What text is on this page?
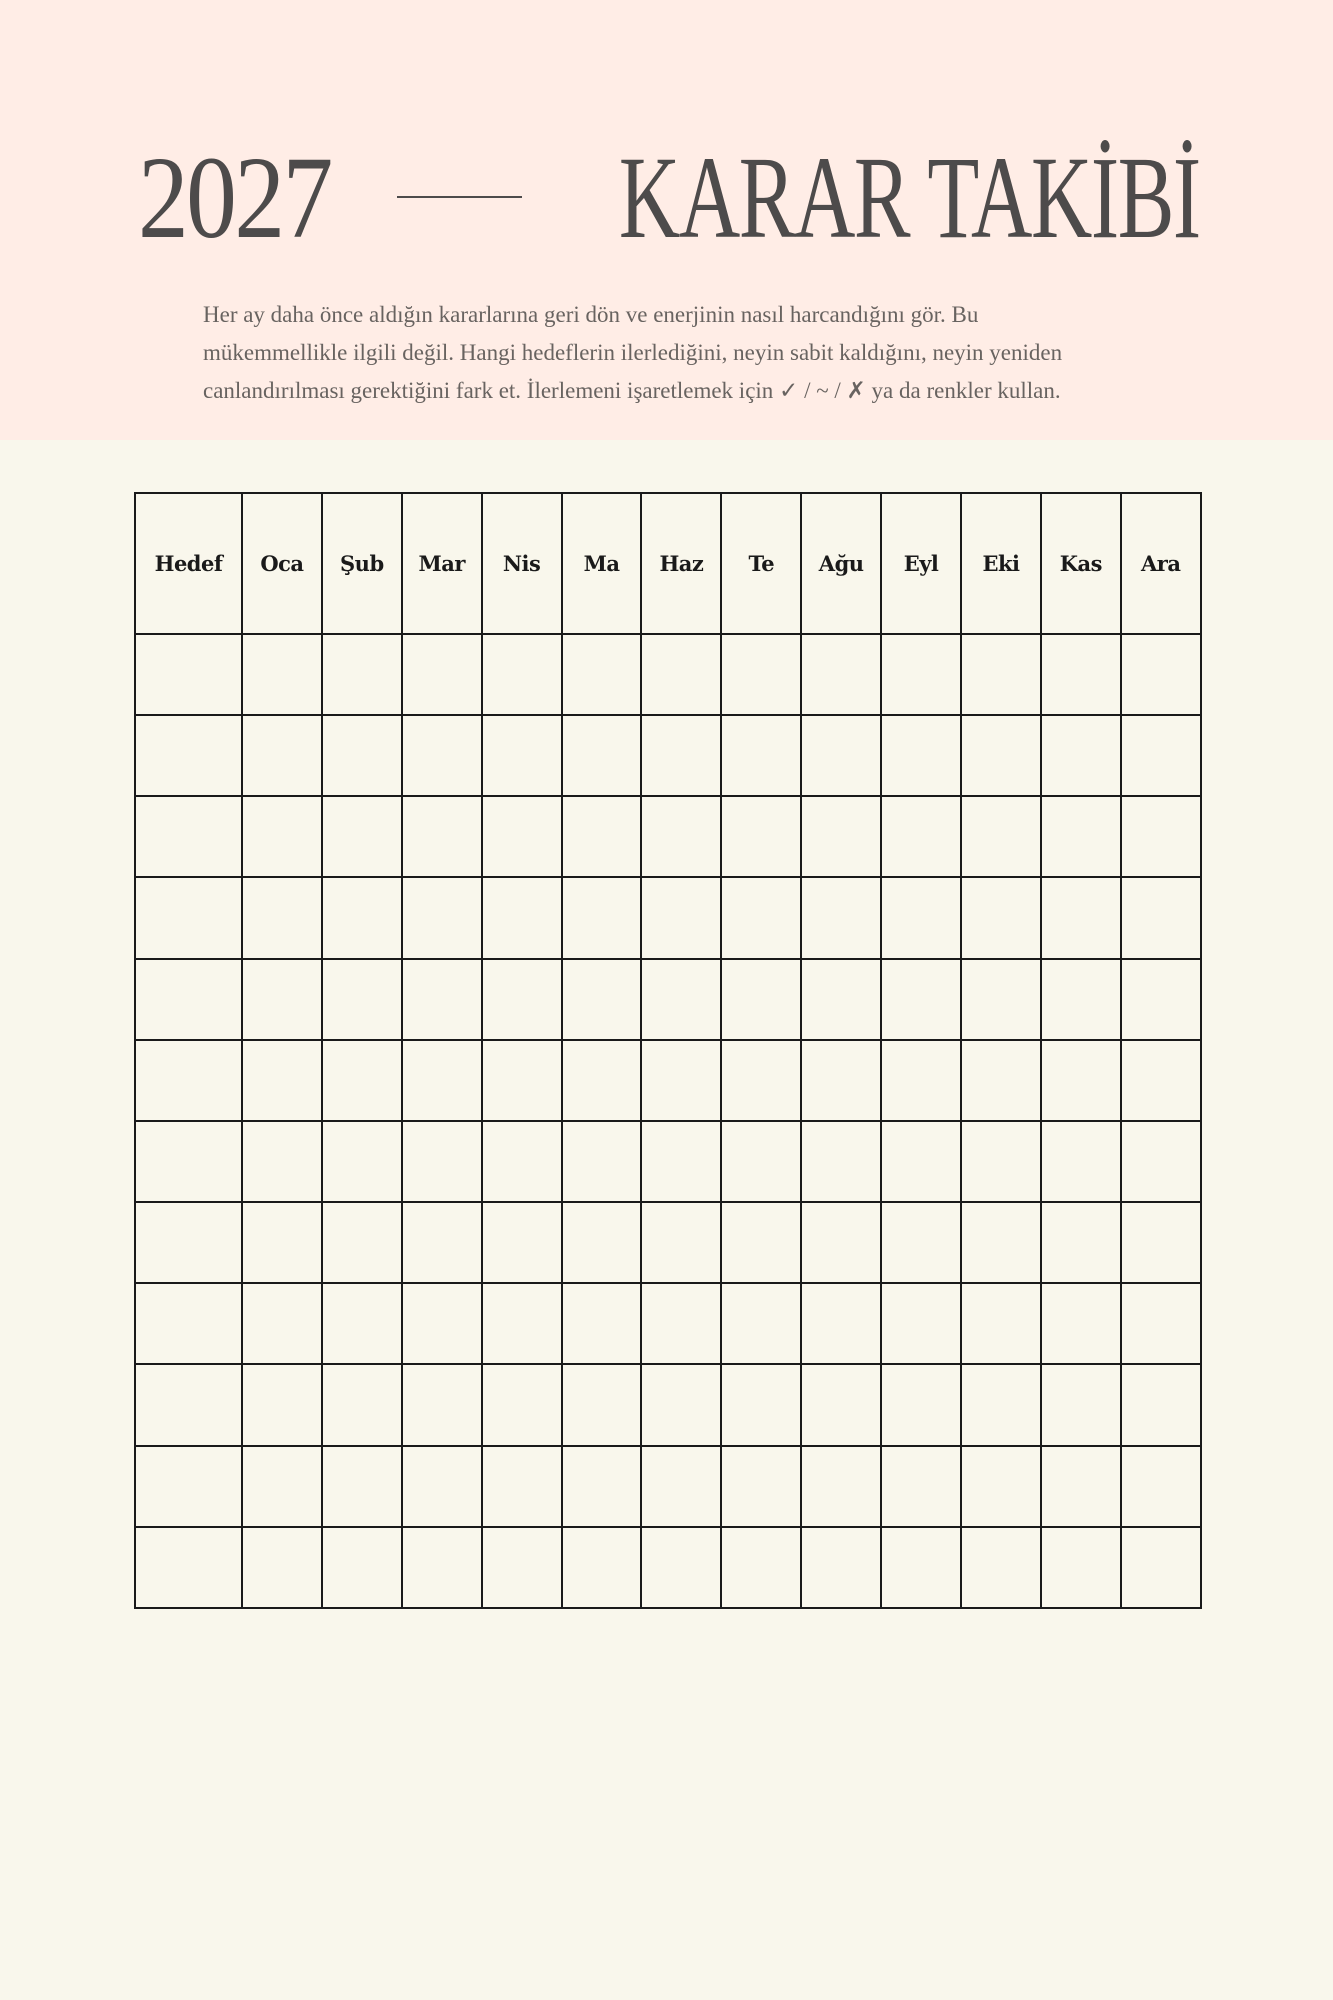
2027 KARAR TAKİBİ

Her ay daha önce aldığın kararlarına geri dön ve enerjinin nasıl harcandığını gör. Bu
mükemmellikle ilgili değil. Hangi hedeflerin ilerlediğini, neyin sabit kaldığını, neyin yeniden
canlandırılması gerektiğini fark et. İlerlemeni işaretlemek için ✓ / ~ / ✗ ya da renkler kullan.

Hedef	Oca	Şub	Mar	Nis	Ma	Haz	Te	Ağu	Eyl	Eki	Kas	Ara
